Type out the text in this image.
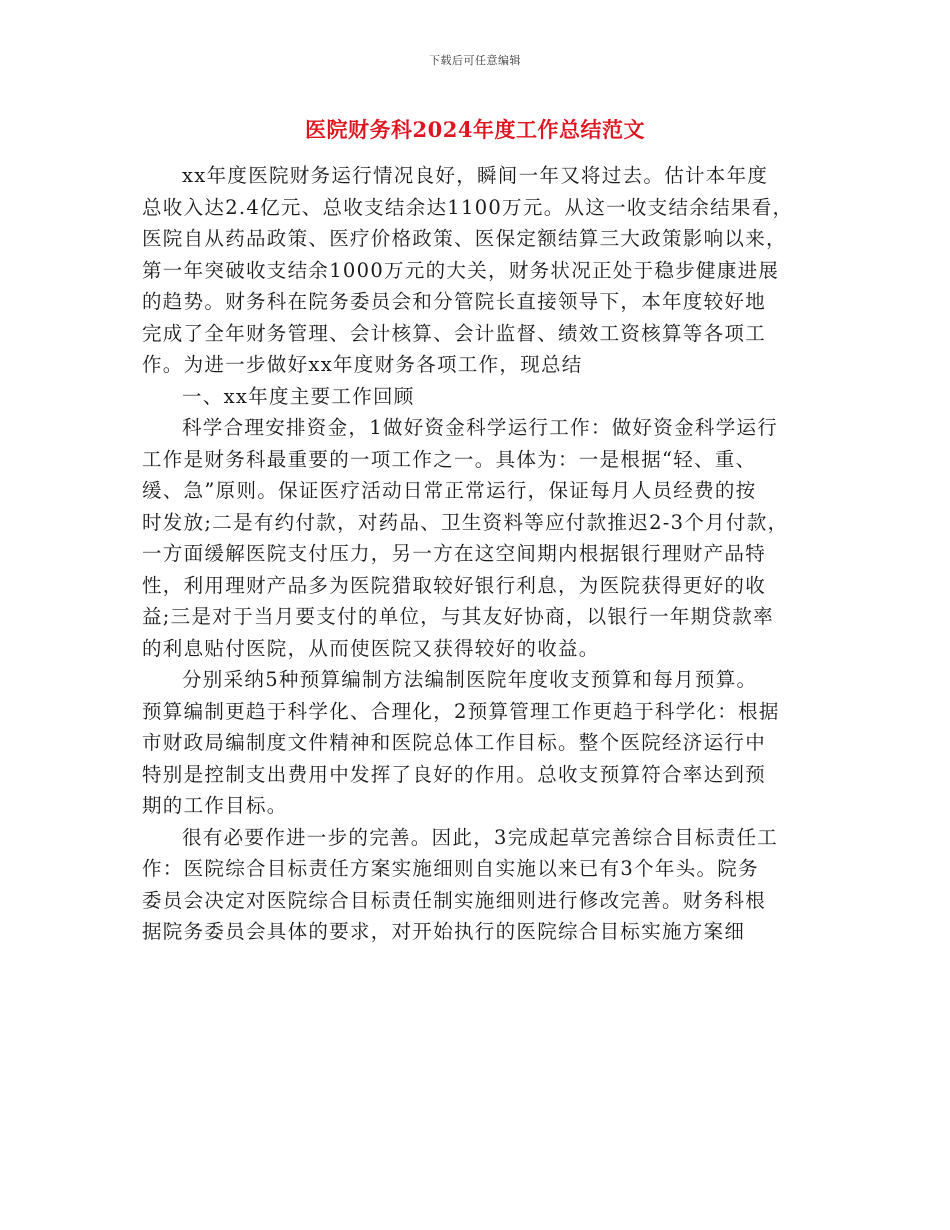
下载后可任意编辑
医院财务科2024年度工作总结范文

xx年度医院财务运行情况良好，瞬间一年又将过去。估计本年度
总收入达2.4亿元、总收支结余达1100万元。从这一收支结余结果看，
医院自从药品政策、医疗价格政策、医保定额结算三大政策影响以来，
第一年突破收支结余1000万元的大关，财务状况正处于稳步健康进展
的趋势。财务科在院务委员会和分管院长直接领导下，本年度较好地
完成了全年财务管理、会计核算、会计监督、绩效工资核算等各项工
作。为进一步做好xx年度财务各项工作，现总结

一、xx年度主要工作回顾

科学合理安排资金，1做好资金科学运行工作：做好资金科学运行
工作是财务科最重要的一项工作之一。具体为：一是根据“轻、重、
缓、急”原则。保证医疗活动日常正常运行，保证每月人员经费的按
时发放;二是有约付款，对药品、卫生资料等应付款推迟2-3个月付款，
一方面缓解医院支付压力，另一方在这空间期内根据银行理财产品特
性，利用理财产品多为医院猎取较好银行利息，为医院获得更好的收
益;三是对于当月要支付的单位，与其友好协商，以银行一年期贷款率
的利息贴付医院，从而使医院又获得较好的收益。

分别采纳5种预算编制方法编制医院年度收支预算和每月预算。
预算编制更趋于科学化、合理化，2预算管理工作更趋于科学化：根据
市财政局编制度文件精神和医院总体工作目标。整个医院经济运行中
特别是控制支出费用中发挥了良好的作用。总收支预算符合率达到预
期的工作目标。

很有必要作进一步的完善。因此，3完成起草完善综合目标责任工
作：医院综合目标责任方案实施细则自实施以来已有3个年头。院务
委员会决定对医院综合目标责任制实施细则进行修改完善。财务科根
据院务委员会具体的要求，对开始执行的医院综合目标实施方案细
